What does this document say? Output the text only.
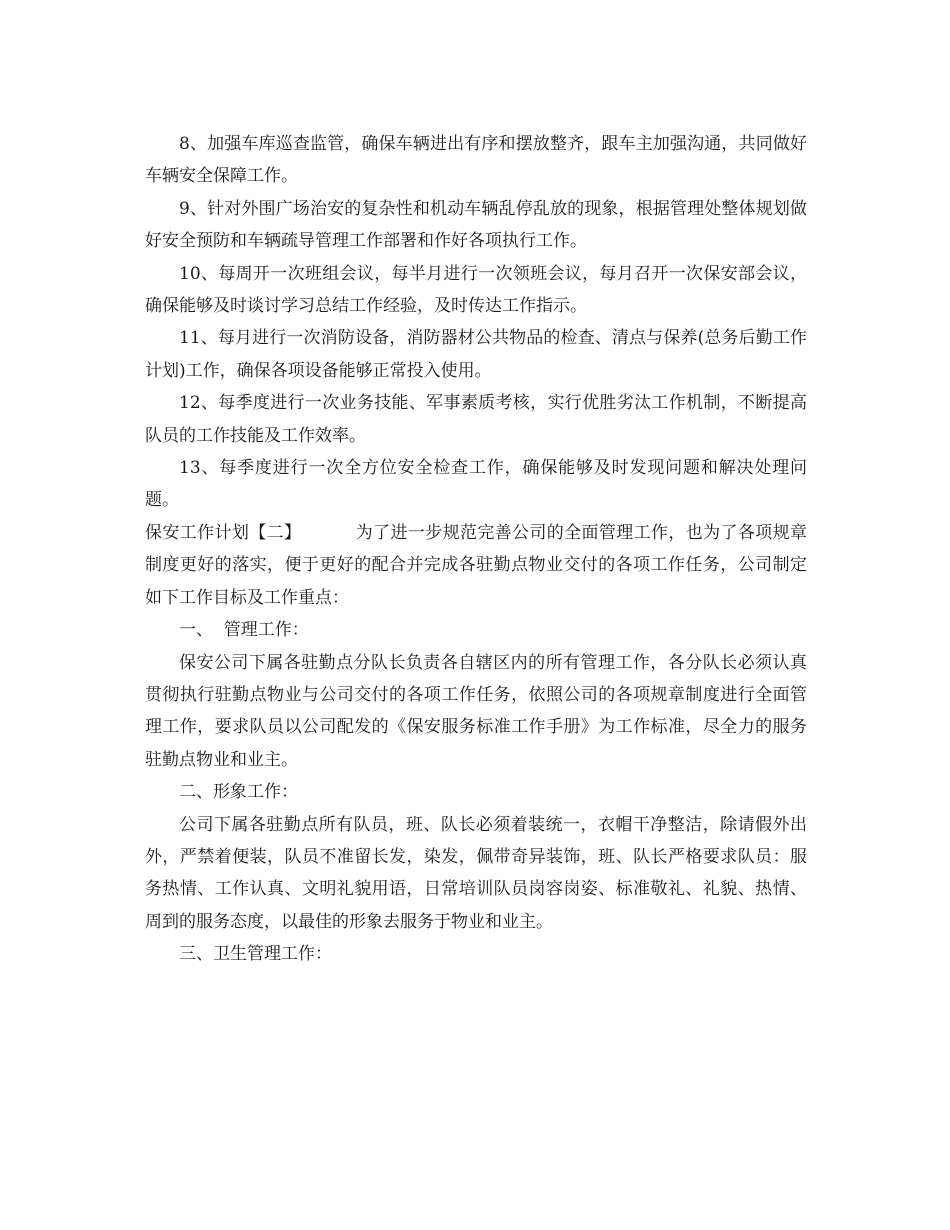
8、加强车库巡查监管，确保车辆进出有序和摆放整齐，跟车主加强沟通，共同做好车辆安全保障工作。

9、针对外围广场治安的复杂性和机动车辆乱停乱放的现象，根据管理处整体规划做好安全预防和车辆疏导管理工作部署和作好各项执行工作。

10、每周开一次班组会议，每半月进行一次领班会议，每月召开一次保安部会议，确保能够及时谈讨学习总结工作经验，及时传达工作指示。

11、每月进行一次消防设备，消防器材公共物品的检查、清点与保养(总务后勤工作计划)工作，确保各项设备能够正常投入使用。

12、每季度进行一次业务技能、军事素质考核，实行优胜劣汰工作机制，不断提高队员的工作技能及工作效率。

13、每季度进行一次全方位安全检查工作，确保能够及时发现问题和解决处理问题。

保安工作计划【二】	为了进一步规范完善公司的全面管理工作，也为了各项规章制度更好的落实，便于更好的配合并完成各驻勤点物业交付的各项工作任务，公司制定如下工作目标及工作重点：

一、  管理工作：

保安公司下属各驻勤点分队长负责各自辖区内的所有管理工作，各分队长必须认真贯彻执行驻勤点物业与公司交付的各项工作任务，依照公司的各项规章制度进行全面管理工作，要求队员以公司配发的《保安服务标准工作手册》为工作标准，尽全力的服务驻勤点物业和业主。

二、形象工作：

公司下属各驻勤点所有队员，班、队长必须着装统一，衣帽干净整洁，除请假外出外，严禁着便装，队员不准留长发，染发，佩带奇异装饰，班、队长严格要求队员：服务热情、工作认真、文明礼貌用语，日常培训队员岗容岗姿、标准敬礼、礼貌、热情、周到的服务态度，以最佳的形象去服务于物业和业主。

三、卫生管理工作：
